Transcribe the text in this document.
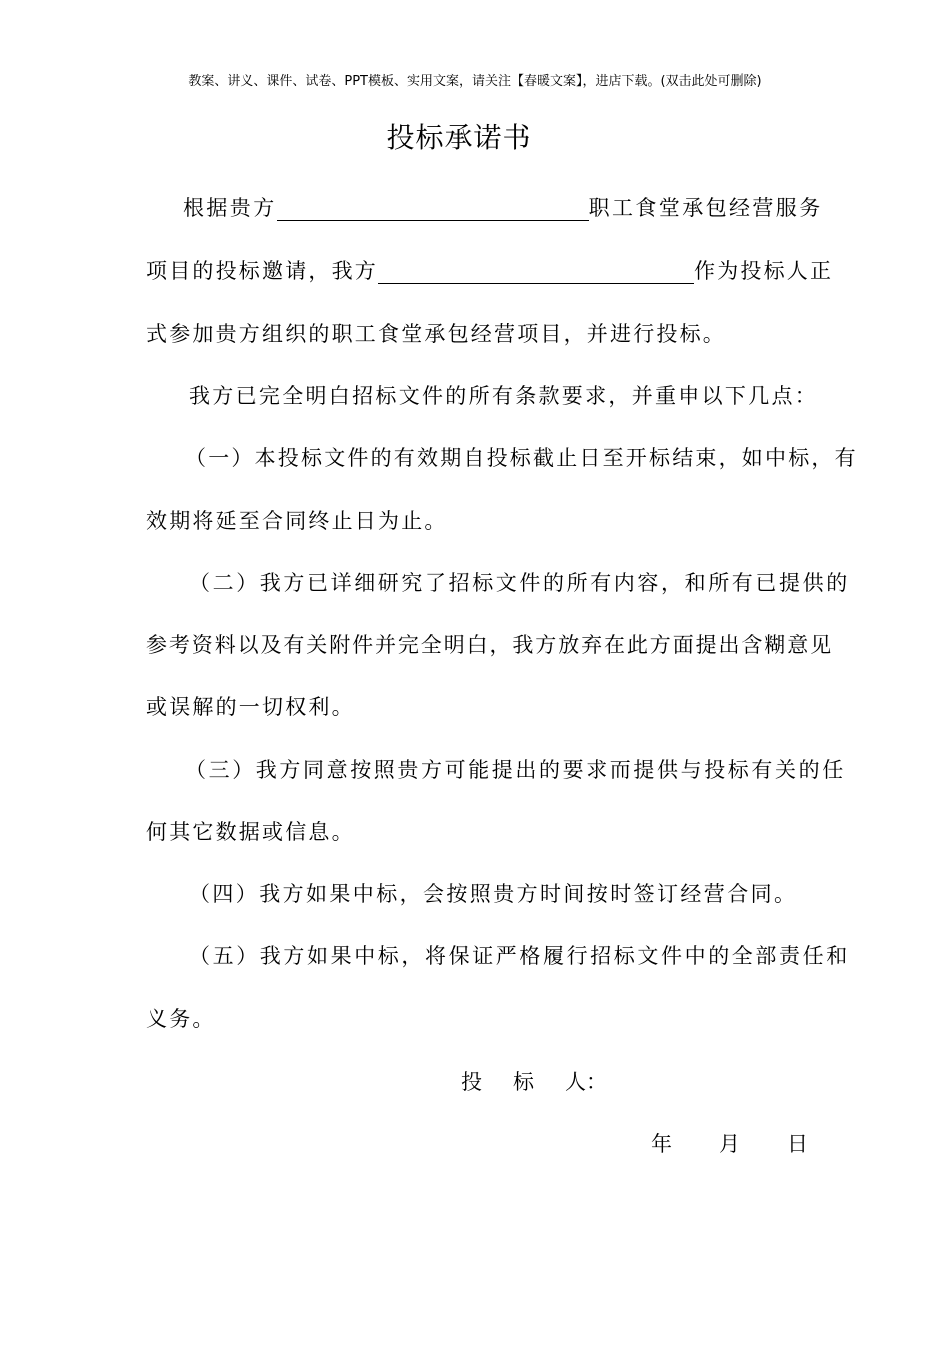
教案、讲义、课件、试卷、PPT模板、实用文案，请关注【春暖文案】，进店下载。(双击此处可删除)
投标承诺书
根据贵方	职工食堂承包经营服务
项目的投标邀请，我方	作为投标人正
式参加贵方组织的职工食堂承包经营项目，并进行投标。
我方已完全明白招标文件的所有条款要求，并重申以下几点：
（一）本投标文件的有效期自投标截止日至开标结束，如中标，有
效期将延至合同终止日为止。
（二）我方已详细研究了招标文件的所有内容，和所有已提供的
参考资料以及有关附件并完全明白，我方放弃在此方面提出含糊意见
或误解的一切权利。
（三）我方同意按照贵方可能提出的要求而提供与投标有关的任
何其它数据或信息。
（四）我方如果中标，会按照贵方时间按时签订经营合同。
（五）我方如果中标，将保证严格履行招标文件中的全部责任和
义务。
投 标 人：
年 月 日
